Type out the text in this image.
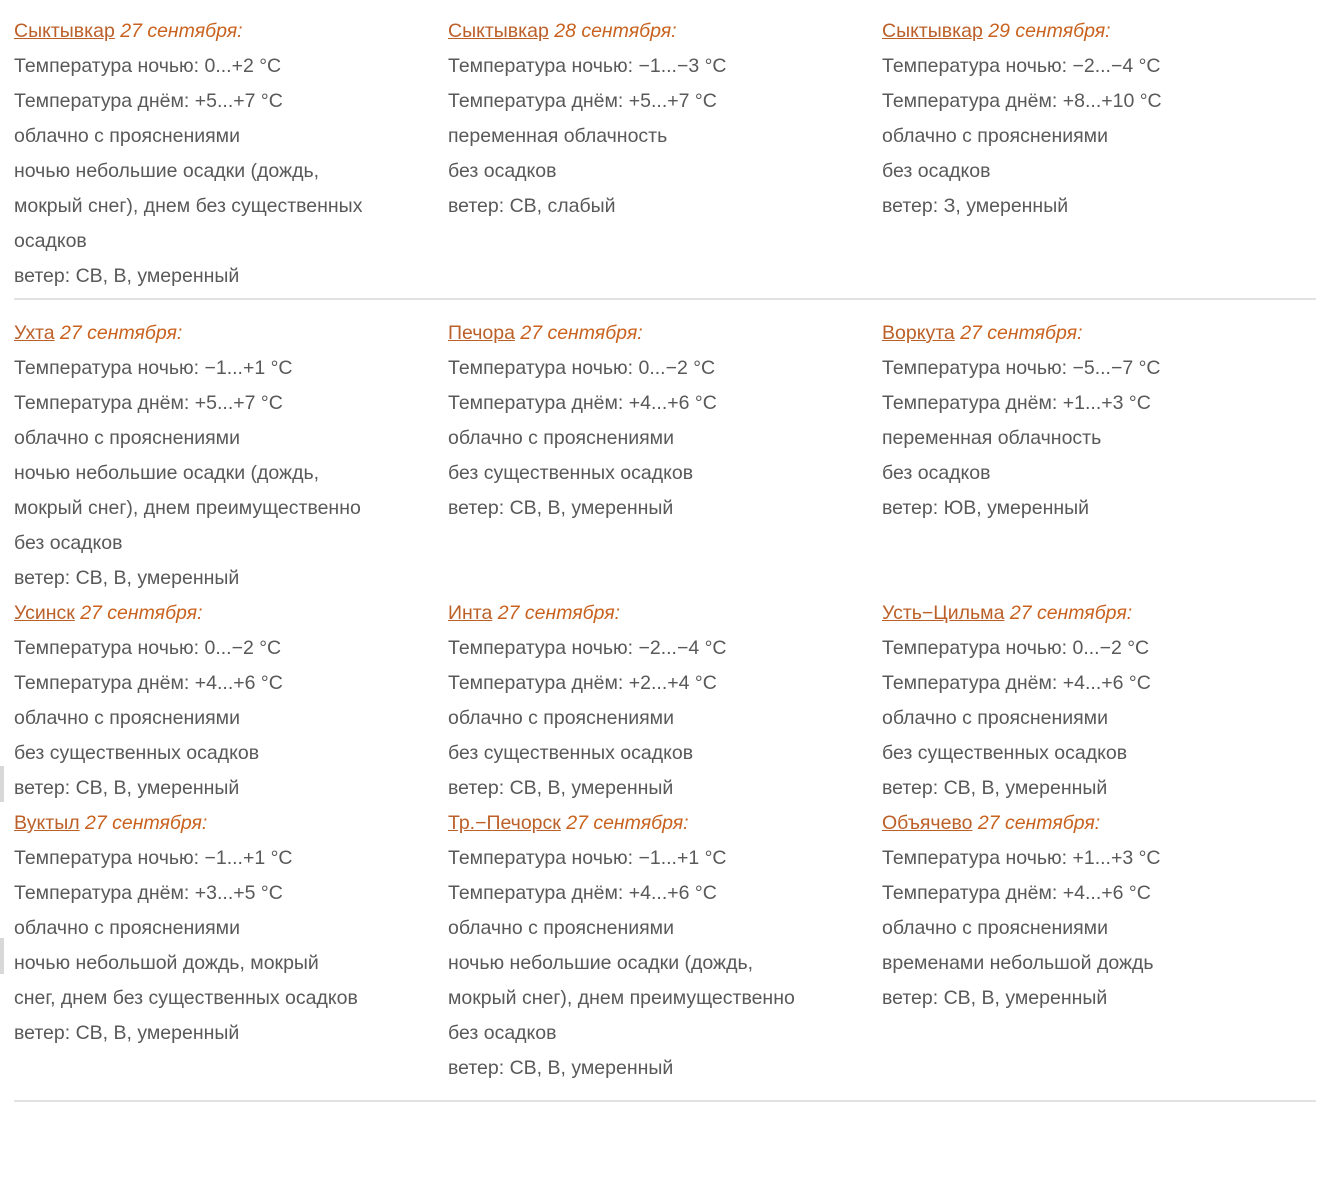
Сыктывкар 27 сентября:
Температура ночью: 0...+2 °C
Температура днём: +5...+7 °C
облачно с прояснениями
ночью небольшие осадки (дождь,
мокрый снег), днем без существенных
осадков
ветер: СВ, В, умеренный
Сыктывкар 28 сентября:
Температура ночью: −1...−3 °C
Температура днём: +5...+7 °C
переменная облачность
без осадков
ветер: СВ, слабый
Сыктывкар 29 сентября:
Температура ночью: −2...−4 °C
Температура днём: +8...+10 °C
облачно с прояснениями
без осадков
ветер: З, умеренный
Ухта 27 сентября:
Температура ночью: −1...+1 °C
Температура днём: +5...+7 °C
облачно с прояснениями
ночью небольшие осадки (дождь,
мокрый снег), днем преимущественно
без осадков
ветер: СВ, В, умеренный
Печора 27 сентября:
Температура ночью: 0...−2 °C
Температура днём: +4...+6 °C
облачно с прояснениями
без существенных осадков
ветер: СВ, В, умеренный
Воркута 27 сентября:
Температура ночью: −5...−7 °C
Температура днём: +1...+3 °C
переменная облачность
без осадков
ветер: ЮВ, умеренный
Усинск 27 сентября:
Температура ночью: 0...−2 °C
Температура днём: +4...+6 °C
облачно с прояснениями
без существенных осадков
ветер: СВ, В, умеренный
Инта 27 сентября:
Температура ночью: −2...−4 °C
Температура днём: +2...+4 °C
облачно с прояснениями
без существенных осадков
ветер: СВ, В, умеренный
Усть−Цильма 27 сентября:
Температура ночью: 0...−2 °C
Температура днём: +4...+6 °C
облачно с прояснениями
без существенных осадков
ветер: СВ, В, умеренный
Вуктыл 27 сентября:
Температура ночью: −1...+1 °C
Температура днём: +3...+5 °C
облачно с прояснениями
ночью небольшой дождь, мокрый
снег, днем без существенных осадков
ветер: СВ, В, умеренный
Тр.−Печорск 27 сентября:
Температура ночью: −1...+1 °C
Температура днём: +4...+6 °C
облачно с прояснениями
ночью небольшие осадки (дождь,
мокрый снег), днем преимущественно
без осадков
ветер: СВ, В, умеренный
Объячево 27 сентября:
Температура ночью: +1...+3 °C
Температура днём: +4...+6 °C
облачно с прояснениями
временами небольшой дождь
ветер: СВ, В, умеренный
